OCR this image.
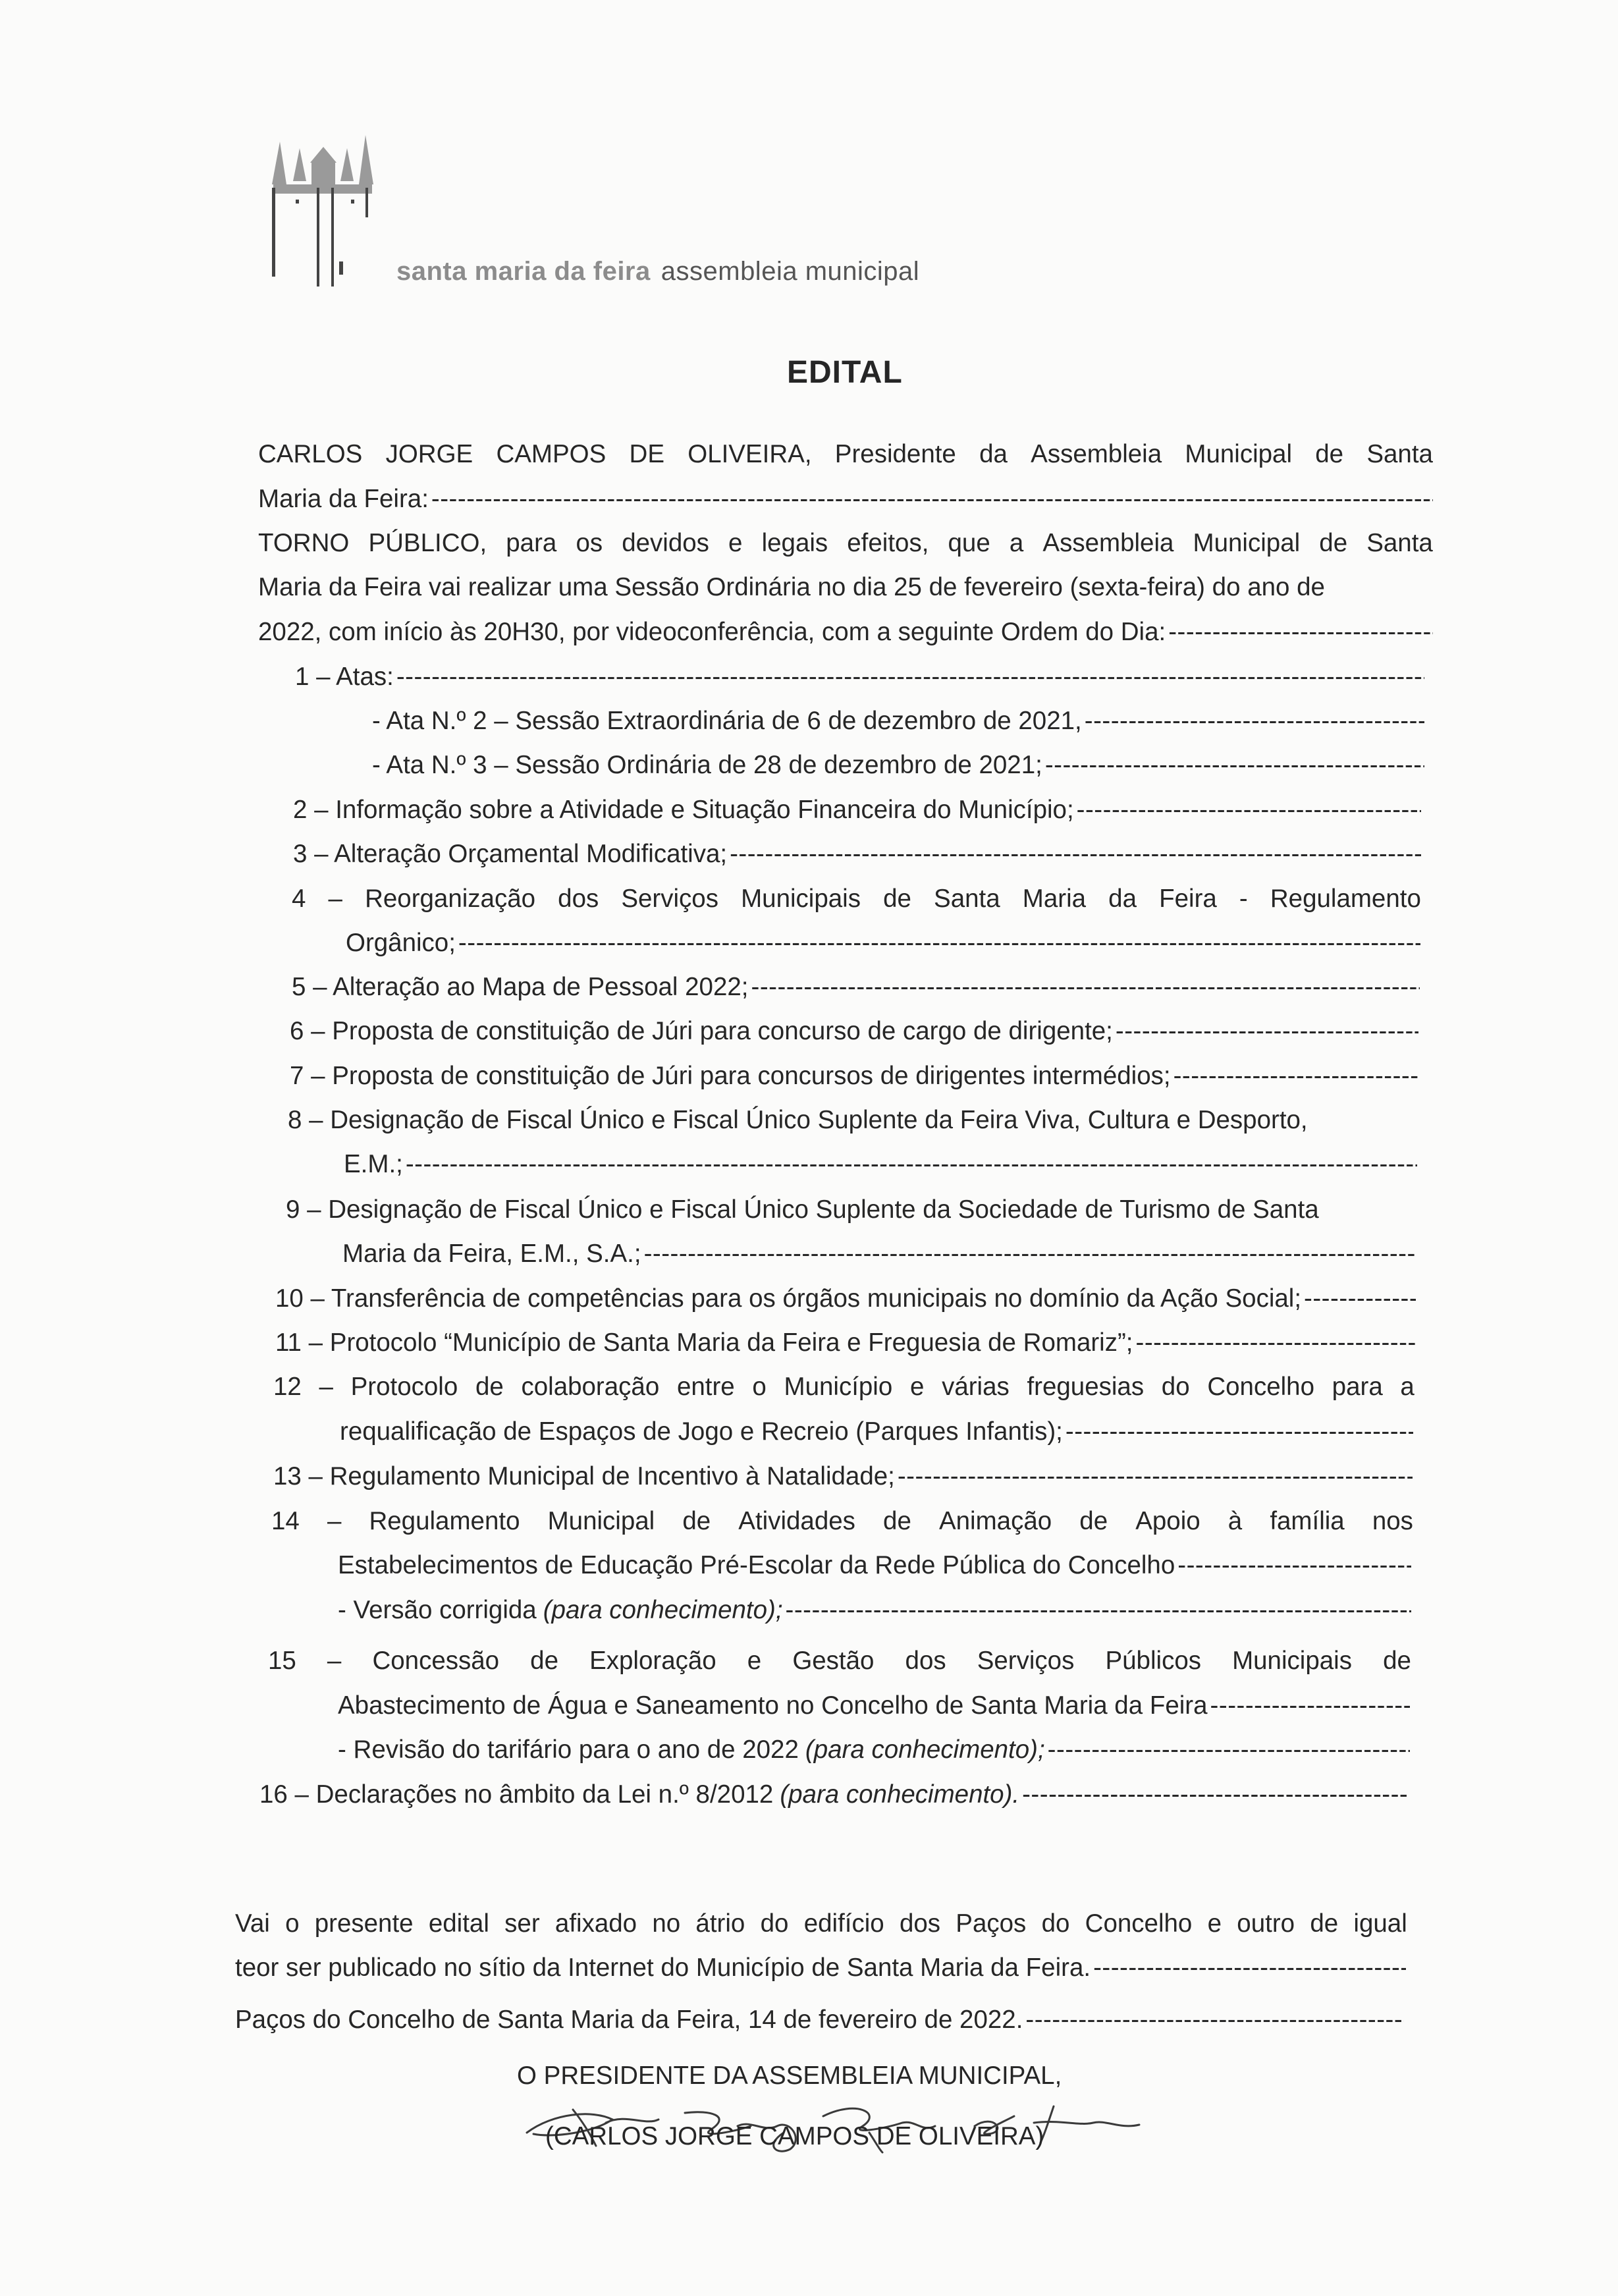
santa maria da feira assembleia municipal
EDITAL
CARLOS JORGE CAMPOS DE OLIVEIRA, Presidente da Assembleia Municipal de Santa
Maria da Feira:
-----
TORNO PÚBLICO, para os devidos e legais efeitos, que a Assembleia Municipal de Santa
Maria da Feira vai realizar uma Sessão Ordinária no dia 25 de fevereiro (sexta-feira) do ano de
2022, com início às 20H30, por videoconferência, com a seguinte Ordem do Dia:
-----
1 – Atas:
-----
- Ata N.º 2 – Sessão Extraordinária de 6 de dezembro de 2021,
-----
- Ata N.º 3 – Sessão Ordinária de 28 de dezembro de 2021;
-----
2 – Informação sobre a Atividade e Situação Financeira do Município;
-----
3 – Alteração Orçamental Modificativa;
-----
4 – Reorganização dos Serviços Municipais de Santa Maria da Feira - Regulamento
Orgânico;
-----
5 – Alteração ao Mapa de Pessoal 2022;
-----
6 – Proposta de constituição de Júri para concurso de cargo de dirigente;
-----
7 – Proposta de constituição de Júri para concursos de dirigentes intermédios;
-----
8 – Designação de Fiscal Único e Fiscal Único Suplente da Feira Viva, Cultura e Desporto,
E.M.;
-----
9 – Designação de Fiscal Único e Fiscal Único Suplente da Sociedade de Turismo de Santa
Maria da Feira, E.M., S.A.;
-----
10 – Transferência de competências para os órgãos municipais no domínio da Ação Social;
-----
11 – Protocolo “Município de Santa Maria da Feira e Freguesia de Romariz”;
-----
12 – Protocolo de colaboração entre o Município e várias freguesias do Concelho para a
requalificação de Espaços de Jogo e Recreio (Parques Infantis);
-----
13 – Regulamento Municipal de Incentivo à Natalidade;
-----
14 – Regulamento Municipal de Atividades de Animação de Apoio à família nos
Estabelecimentos de Educação Pré-Escolar da Rede Pública do Concelho
-----
- Versão corrigida (para conhecimento);
-----
15 – Concessão de Exploração e Gestão dos Serviços Públicos Municipais de
Abastecimento de Água e Saneamento no Concelho de Santa Maria da Feira
-----
- Revisão do tarifário para o ano de 2022 (para conhecimento);
-----
16 – Declarações no âmbito da Lei n.º 8/2012 (para conhecimento).
-----
Vai o presente edital ser afixado no átrio do edifício dos Paços do Concelho e outro de igual
teor ser publicado no sítio da Internet do Município de Santa Maria da Feira.
-----
Paços do Concelho de Santa Maria da Feira, 14 de fevereiro de 2022.
-----
O PRESIDENTE DA ASSEMBLEIA MUNICIPAL,
(CARLOS JORGE CAMPOS DE OLIVEIRA)
